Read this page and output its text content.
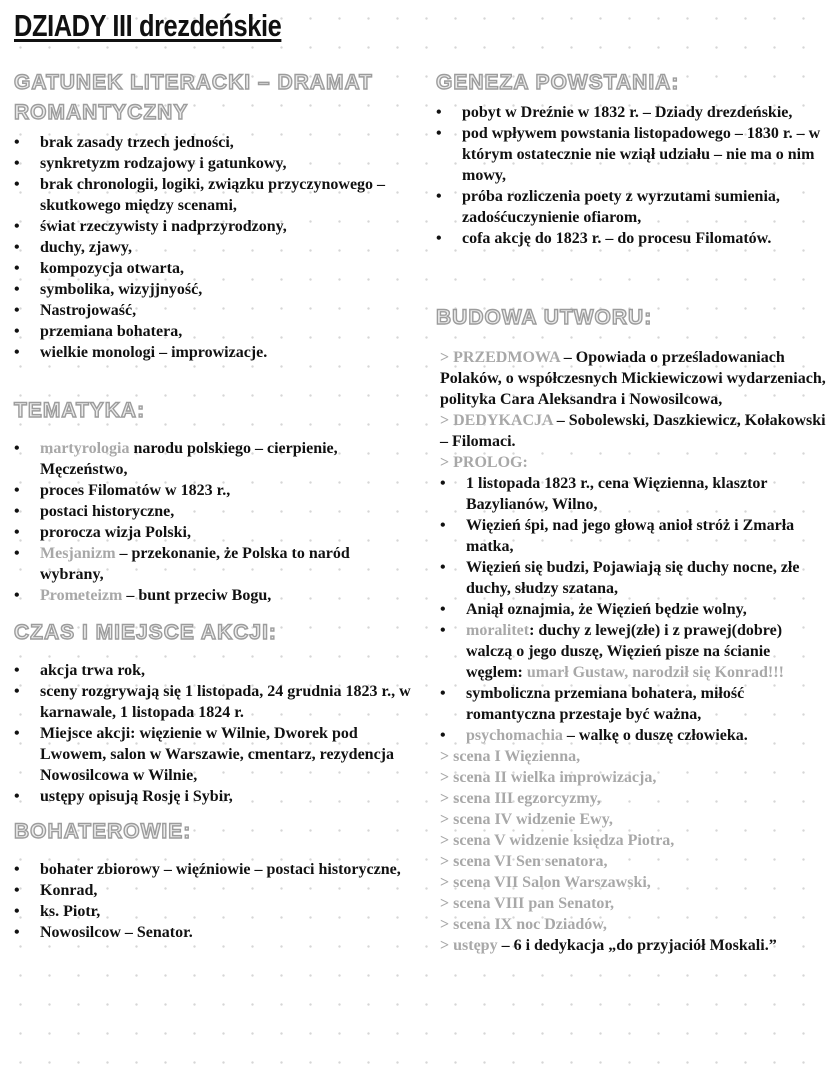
DZIADY III drezdeńskie
GATUNEK LITERACKI – DRAMAT ROMANTYCZNY
• brak zasady trzech jedności,
• synkretyzm rodzajowy i gatunkowy,
• brak chronologii, logiki, związku przyczynowego – skutkowego między scenami,
• świat rzeczywisty i nadprzyrodzony,
• duchy, zjawy,
• kompozycja otwarta,
• symbolika, wizyjjnyość,
• Nastrojowaść,
• przemiana bohatera,
• wielkie monologi – improwizacje.
TEMATYKA:
• martyrologia narodu polskiego – cierpienie, Męczeństwo,
• proces Filomatów w 1823 r.,
• postaci historyczne,
• prorocza wizja Polski,
• Mesjanizm – przekonanie, że Polska to naród wybrany,
• Prometeizm – bunt przeciw Bogu,
CZAS I MIEJSCE AKCJI:
• akcja trwa rok,
• sceny rozgrywają się 1 listopada, 24 grudnia 1823 r., w karnawale, 1 listopada 1824 r.
• Miejsce akcji: więzienie w Wilnie, Dworek pod Lwowem, salon w Warszawie, cmentarz, rezydencja Nowosilcowa w Wilnie,
• ustępy opisują Rosję i Sybir,
BOHATEROWIE:
• bohater zbiorowy – więźniowie – postaci historyczne,
• Konrad,
• ks. Piotr,
• Nowosilcow – Senator.
GENEZA POWSTANIA:
• pobyt w Dreźnie w 1832 r. – Dziady drezdeńskie,
• pod wpływem powstania listopadowego – 1830 r. – w którym ostatecznie nie wziął udziału – nie ma o nim mowy,
• próba rozliczenia poety z wyrzutami sumienia, zadośćuczynienie ofiarom,
• cofa akcję do 1823 r. – do procesu Filomatów.
BUDOWA UTWORU:
> PRZEDMOWA – Opowiada o prześladowaniach Polaków, o współczesnych Mickiewiczowi wydarzeniach, polityka Cara Aleksandra i Nowosilcowa,
> DEDYKACJA – Sobolewski, Daszkiewicz, Kołakowski – Filomaci.
> PROLOG:
• 1 listopada 1823 r., cena Więzienna, klasztor Bazylianów, Wilno,
• Więzień śpi, nad jego głową anioł stróż i Zmarła matka,
• Więzień się budzi, Pojawiają się duchy nocne, złe duchy, słudzy szatana,
• Aniął oznajmia, że Więzień będzie wolny,
• moralitet: duchy z lewej(złe) i z prawej(dobre) walczą o jego duszę, Więzień pisze na ścianie węglem: umarł Gustaw, narodził się Konrad!!!
• symboliczna przemiana bohatera, miłość romantyczna przestaje być ważna,
• psychomachia – walkę o duszę człowieka.
> scena I Więzienna,
> scena II wielka improwizacja,
> scena III egzorcyzmy,
> scena IV widzenie Ewy,
> scena V widzenie księdza Piotra,
> scena VI Sen senatora,
> scena VII Salon Warszawski,
> scena VIII pan Senator,
> scena IX noc Dziadów,
> ustępy – 6 i dedykacja „do przyjaciół Moskali.”
